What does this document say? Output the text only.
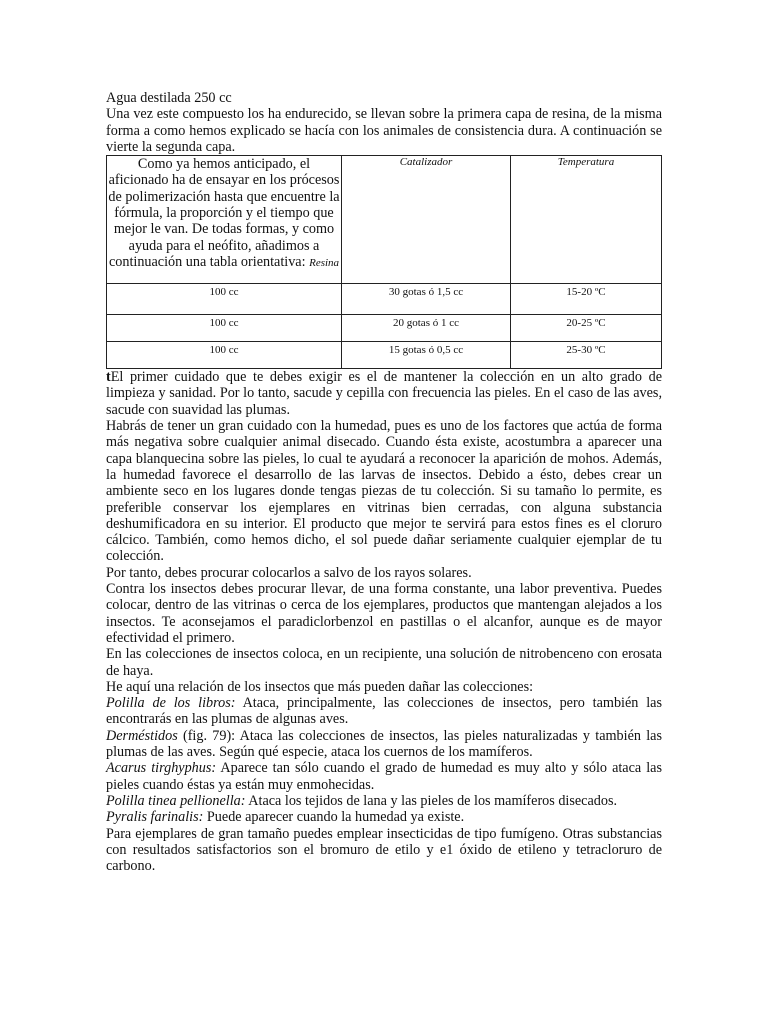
Agua destilada 250 cc

Una vez este compuesto los ha endurecido, se llevan sobre la primera capa de resina, de la misma forma a como hemos explicado se hacía con los animales de consistencia dura. A continuación se vierte la segunda capa.

Como ya hemos anticipado, el aficionado ha de ensayar en los prócesos de polimerización hasta que encuentre la fórmula, la proporción y el tiempo que mejor le van. De todas formas, y como ayuda para el neófito, añadimos a continuación una tabla orientativa: Resina	Catalizador	Temperatura
100 cc	30 gotas ó 1,5 cc	15-20 ºC
100 cc	20 gotas ó 1 cc	20-25 ºC
100 cc	15 gotas ó 0,5 cc	25-30 ºC

tEl primer cuidado que te debes exigir es el de mantener la colección en un alto grado de limpieza y sanidad. Por lo tanto, sacude y cepilla con frecuencia las pieles. En el caso de las aves, sacude con suavidad las plumas.

Habrás de tener un gran cuidado con la humedad, pues es uno de los factores que actúa de forma más negativa sobre cualquier animal disecado. Cuando ésta existe, acostumbra a aparecer una capa blanquecina sobre las pieles, lo cual te ayudará a reconocer la aparición de mohos. Además, la humedad favorece el desarrollo de las larvas de insectos. Debido a ésto, debes crear un ambiente seco en los lugares donde tengas piezas de tu colección. Si su tamaño lo permite, es preferible conservar los ejemplares en vitrinas bien cerradas, con alguna substancia deshumificadora en su interior. El producto que mejor te servirá para estos fines es el cloruro cálcico. También, como hemos dicho, el sol puede dañar seriamente cualquier ejemplar de tu colección.

Por tanto, debes procurar colocarlos a salvo de los rayos solares.

Contra los insectos debes procurar llevar, de una forma constante, una labor preventiva. Puedes colocar, dentro de las vitrinas o cerca de los ejemplares, productos que mantengan alejados a los insectos. Te aconsejamos el paradiclorbenzol en pastillas o el alcanfor, aunque es de mayor efectividad el primero.

En las colecciones de insectos coloca, en un recipiente, una solución de nitrobenceno con erosata de haya.

He aquí una relación de los insectos que más pueden dañar las colecciones:

Polilla de los libros: Ataca, principalmente, las colecciones de insectos, pero también las encontrarás en las plumas de algunas aves.

Derméstidos (fig. 79): Ataca las colecciones de insectos, las pieles naturalizadas y también las plumas de las aves. Según qué especie, ataca los cuernos de los mamíferos.

Acarus tirghyphus: Aparece tan sólo cuando el grado de humedad es muy alto y sólo ataca las pieles cuando éstas ya están muy enmohecidas.

Polilla tinea pellionella: Ataca los tejidos de lana y las pieles de los mamíferos disecados.

Pyralis farinalis: Puede aparecer cuando la humedad ya existe.

Para ejemplares de gran tamaño puedes emplear insecticidas de tipo fumígeno. Otras substancias con resultados satisfactorios son el bromuro de etilo y e1 óxido de etileno y tetracloruro de carbono.
